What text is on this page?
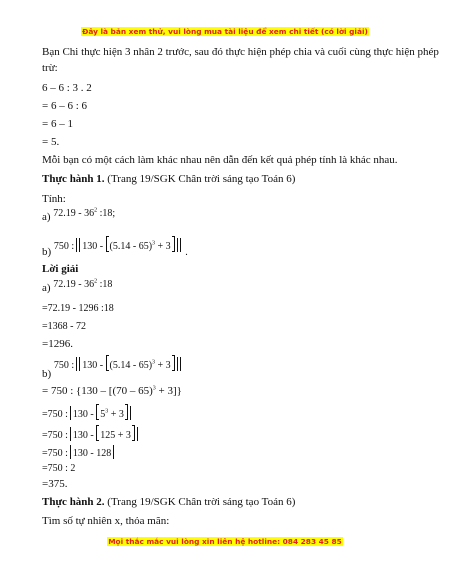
Đây là bản xem thử, vui lòng mua tài liệu để xem chi tiết (có lời giải)
Bạn Chi thực hiện 3 nhân 2 trước, sau đó thực hiện phép chia và cuối cùng thực hiện phép
trừ:
6 – 6 : 3 . 2
= 6 – 6 : 6
= 6 – 1
= 5.
Mỗi bạn có một cách làm khác nhau nên dẫn đến kết quả phép tính là khác nhau.
Thực hành 1. (Trang 19/SGK Chân trời sáng tạo Toán 6)
Tính:
a) $72.19 - 36^2$ :18;
b) 750 : 130 - (5.14 - 65)$^3$ + 3 .
Lời giải
a) $72.19 - 36^2$ :18
=72.19 - 1296 :18
=1368 - 72
=1296.
b) 750 : 130 - (5.14 - 65)$^3$ + 3
= 750 : {130 – [(70 – 65)$^3$ + 3]}
=750 : $130 - 5^3 + 3$
=750 : 130 - 125 + 3
=750 : 130 - 128
=750 : 2
=375.
Thực hành 2. (Trang 19/SGK Chân trời sáng tạo Toán 6)
Tìm số tự nhiên x, thỏa mãn:
Mọi thắc mắc vui lòng xin liên hệ hotline: 084 283 45 85
